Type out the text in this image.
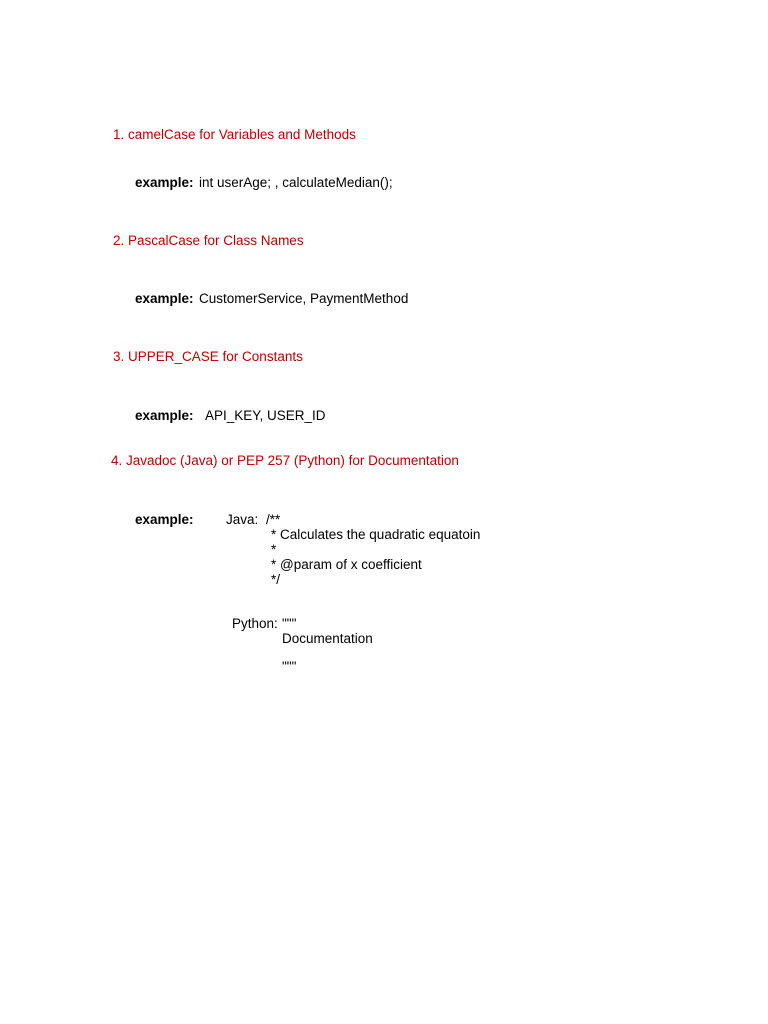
1. camelCase for Variables and Methods
example: int userAge; , calculateMedian();
2. PascalCase for Class Names
example: CustomerService, PaymentMethod
3. UPPER_CASE for Constants
example: API_KEY, USER_ID
4. Javadoc (Java) or PEP 257 (Python) for Documentation
example: Java: /**
* Calculates the quadratic equatoin
*
* @param of x coefficient
*/
Python: """
Documentation
"""
